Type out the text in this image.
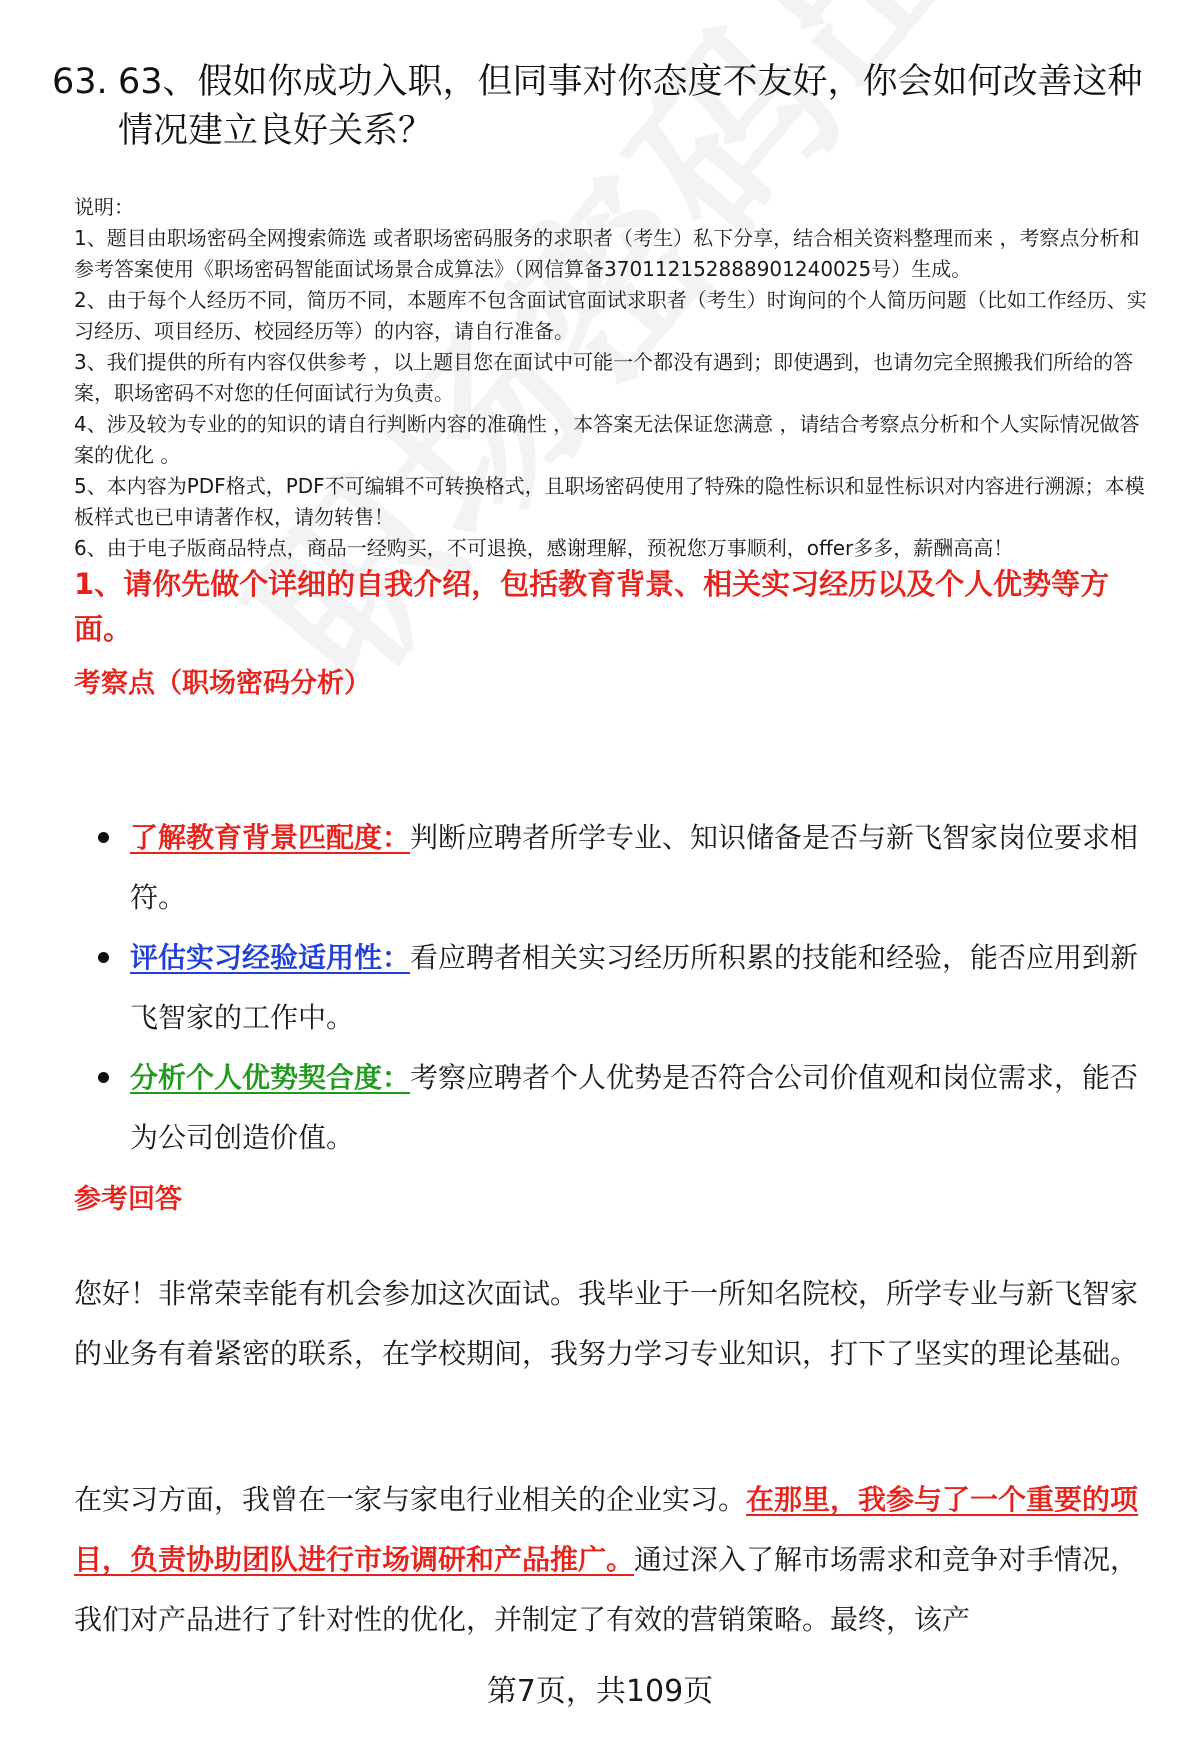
63. 63、假如你成功入职，但同事对你态度不友好，你会如何改善这种情况建立良好关系？

说明：

1、题目由职场密码全网搜索筛选 或者职场密码服务的求职者（考生）私下分享，结合相关资料整理而来 ，考察点分析和参考答案使用《职场密码智能面试场景合成算法》（网信算备370112152888901240025号）生成。

2、由于每个人经历不同，简历不同，本题库不包含面试官面试求职者（考生）时询问的个人简历问题（比如工作经历、实习经历、项目经历、校园经历等）的内容，请自行准备。

3、我们提供的所有内容仅供参考 ，以上题目您在面试中可能一个都没有遇到；即使遇到，也请勿完全照搬我们所给的答案，职场密码不对您的任何面试行为负责。

4、涉及较为专业的的知识的请自行判断内容的准确性 ，本答案无法保证您满意 ，请结合考察点分析和个人实际情况做答案的优化 。

5、本内容为PDF格式，PDF不可编辑不可转换格式，且职场密码使用了特殊的隐性标识和显性标识对内容进行溯源；本模板样式也已申请著作权，请勿转售！

6、由于电子版商品特点，商品一经购买，不可退换，感谢理解，预祝您万事顺利，offer多多，薪酬高高！

1、请你先做个详细的自我介绍，包括教育背景、相关实习经历以及个人优势等方面。
考察点（职场密码分析）
了解教育背景匹配度：判断应聘者所学专业、知识储备是否与新飞智家岗位要求相符。
评估实习经验适用性：看应聘者相关实习经历所积累的技能和经验，能否应用到新飞智家的工作中。
分析个人优势契合度：考察应聘者个人优势是否符合公司价值观和岗位需求，能否为公司创造价值。
参考回答

您好！非常荣幸能有机会参加这次面试。我毕业于一所知名院校，所学专业与新飞智家的业务有着紧密的联系，在学校期间，我努力学习专业知识，打下了坚实的理论基础。

在实习方面，我曾在一家与家电行业相关的企业实习。在那里，我参与了一个重要的项目，负责协助团队进行市场调研和产品推广。通过深入了解市场需求和竞争对手情况，我们对产品进行了针对性的优化，并制定了有效的营销策略。最终，该产

第7页，共109页
